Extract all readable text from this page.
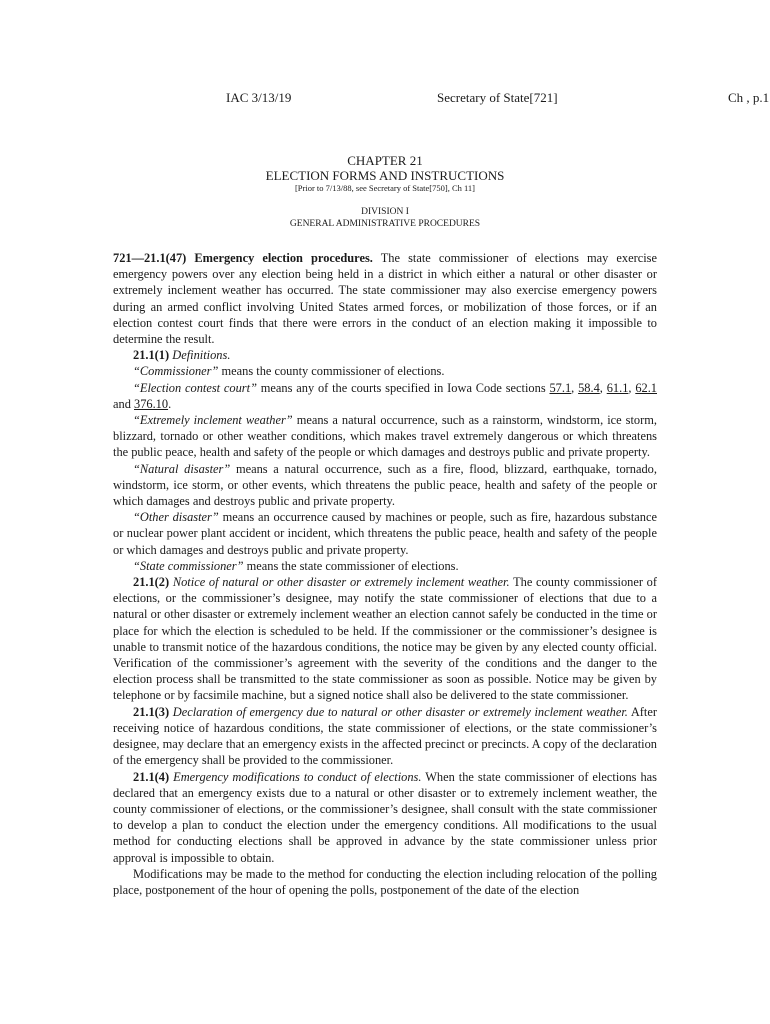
IAC 3/13/19	Secretary of State[721]	Ch , p.1
CHAPTER 21
ELECTION FORMS AND INSTRUCTIONS
[Prior to 7/13/88, see Secretary of State[750], Ch 11]
DIVISION I
GENERAL ADMINISTRATIVE PROCEDURES

721—21.1(47) Emergency election procedures. The state commissioner of elections may exercise emergency powers over any election being held in a district in which either a natural or other disaster or extremely inclement weather has occurred. The state commissioner may also exercise emergency powers during an armed conflict involving United States armed forces, or mobilization of those forces, or if an election contest court finds that there were errors in the conduct of an election making it impossible to determine the result.

21.1(1) Definitions.

“Commissioner” means the county commissioner of elections.

“Election contest court” means any of the courts specified in Iowa Code sections 57.1, 58.4, 61.1, 62.1 and 376.10.

“Extremely inclement weather” means a natural occurrence, such as a rainstorm, windstorm, ice storm, blizzard, tornado or other weather conditions, which makes travel extremely dangerous or which threatens the public peace, health and safety of the people or which damages and destroys public and private property.

“Natural disaster” means a natural occurrence, such as a fire, flood, blizzard, earthquake, tornado, windstorm, ice storm, or other events, which threatens the public peace, health and safety of the people or which damages and destroys public and private property.

“Other disaster” means an occurrence caused by machines or people, such as fire, hazardous substance or nuclear power plant accident or incident, which threatens the public peace, health and safety of the people or which damages and destroys public and private property.

“State commissioner” means the state commissioner of elections.

21.1(2) Notice of natural or other disaster or extremely inclement weather. The county commissioner of elections, or the commissioner’s designee, may notify the state commissioner of elections that due to a natural or other disaster or extremely inclement weather an election cannot safely be conducted in the time or place for which the election is scheduled to be held. If the commissioner or the commissioner’s designee is unable to transmit notice of the hazardous conditions, the notice may be given by any elected county official. Verification of the commissioner’s agreement with the severity of the conditions and the danger to the election process shall be transmitted to the state commissioner as soon as possible. Notice may be given by telephone or by facsimile machine, but a signed notice shall also be delivered to the state commissioner.

21.1(3) Declaration of emergency due to natural or other disaster or extremely inclement weather. After receiving notice of hazardous conditions, the state commissioner of elections, or the state commissioner’s designee, may declare that an emergency exists in the affected precinct or precincts. A copy of the declaration of the emergency shall be provided to the commissioner.

21.1(4) Emergency modifications to conduct of elections. When the state commissioner of elections has declared that an emergency exists due to a natural or other disaster or to extremely inclement weather, the county commissioner of elections, or the commissioner’s designee, shall consult with the state commissioner to develop a plan to conduct the election under the emergency conditions. All modifications to the usual method for conducting elections shall be approved in advance by the state commissioner unless prior approval is impossible to obtain.

Modifications may be made to the method for conducting the election including relocation of the polling place, postponement of the hour of opening the polls, postponement of the date of the election
